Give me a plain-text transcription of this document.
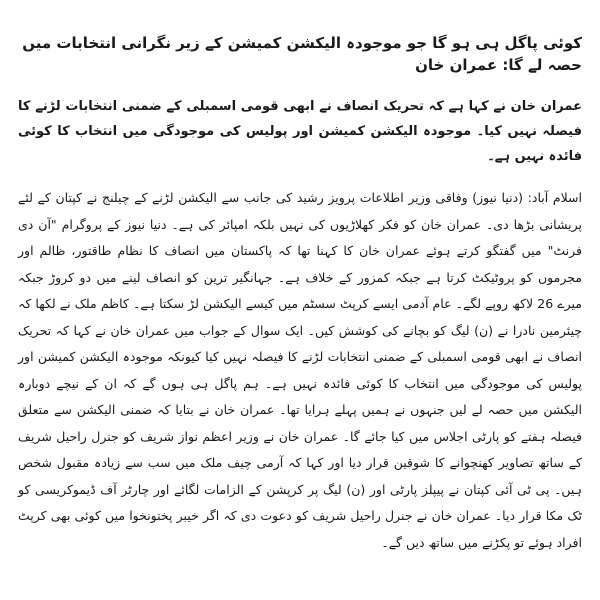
کوئی پاگل ہی ہو گا جو موجودہ الیکشن کمیشن کے زیر نگرانی انتخابات میں حصہ لے گا: عمران خان

عمران خان نے کہا ہے کہ تحریک انصاف نے ابھی قومی اسمبلی کے ضمنی انتخابات لڑنے کا فیصلہ نہیں کیا۔ موجودہ الیکشن کمیشن اور پولیس کی موجودگی میں انتخاب کا کوئی فائدہ نہیں ہے۔

اسلام آباد: (دنیا نیوز) وفاقی وزیر اطلاعات پرویز رشید کی جانب سے الیکشن لڑنے کے چیلنج نے کپتان کے لئے پریشانی بڑھا دی۔ عمران خان کو فکر کھلاڑیوں کی نہیں بلکہ امپائر کی ہے۔ دنیا نیوز کے پروگرام "آن دی فرنٹ" میں گفتگو کرتے ہوئے عمران خان کا کہنا تھا کہ پاکستان میں انصاف کا نظام طاقتور، ظالم اور مجرموں کو پروٹیکٹ کرتا ہے جبکہ کمزور کے خلاف ہے۔ جہانگیر ترین کو انصاف لینے میں دو کروڑ جبکہ میرے 26 لاکھ روپے لگے۔ عام آدمی ایسے کرپٹ سسٹم میں کیسے الیکشن لڑ سکتا ہے۔ کاظم ملک نے لکھا کہ چیئرمین نادرا نے (ن) لیگ کو بچانے کی کوشش کیں۔ ایک سوال کے جواب میں عمران خان نے کہا کہ تحریک انصاف نے ابھی قومی اسمبلی کے ضمنی انتخابات لڑنے کا فیصلہ نہیں کیا کیونکہ موجودہ الیکشن کمیشن اور پولیس کی موجودگی میں انتخاب کا کوئی فائدہ نہیں ہے۔ ہم پاگل ہی ہوں گے کہ ان کے نیچے دوبارہ الیکشن میں حصہ لے لیں جنہوں نے ہمیں پہلے ہرایا تھا۔ عمران خان نے بتایا کہ ضمنی الیکشن سے متعلق فیصلہ ہفتے کو پارٹی اجلاس میں کیا جائے گا۔ عمران خان نے وزیر اعظم نواز شریف کو جنرل راحیل شریف کے ساتھ تصاویر کھنچوانے کا شوقین قرار دیا اور کہا کہ آرمی چیف ملک میں سب سے زیادہ مقبول شخص ہیں۔ پی ٹی آئی کپتان نے پیپلز پارٹی اور (ن) لیگ پر کرپشن کے الزامات لگائے اور چارٹر آف ڈیموکریسی کو ٹک مکا قرار دیا۔ عمران خان نے جنرل راحیل شریف کو دعوت دی کہ اگر خیبر پختونخوا میں کوئی بھی کرپٹ افراد ہوئے تو پکڑنے میں ساتھ دیں گے۔
